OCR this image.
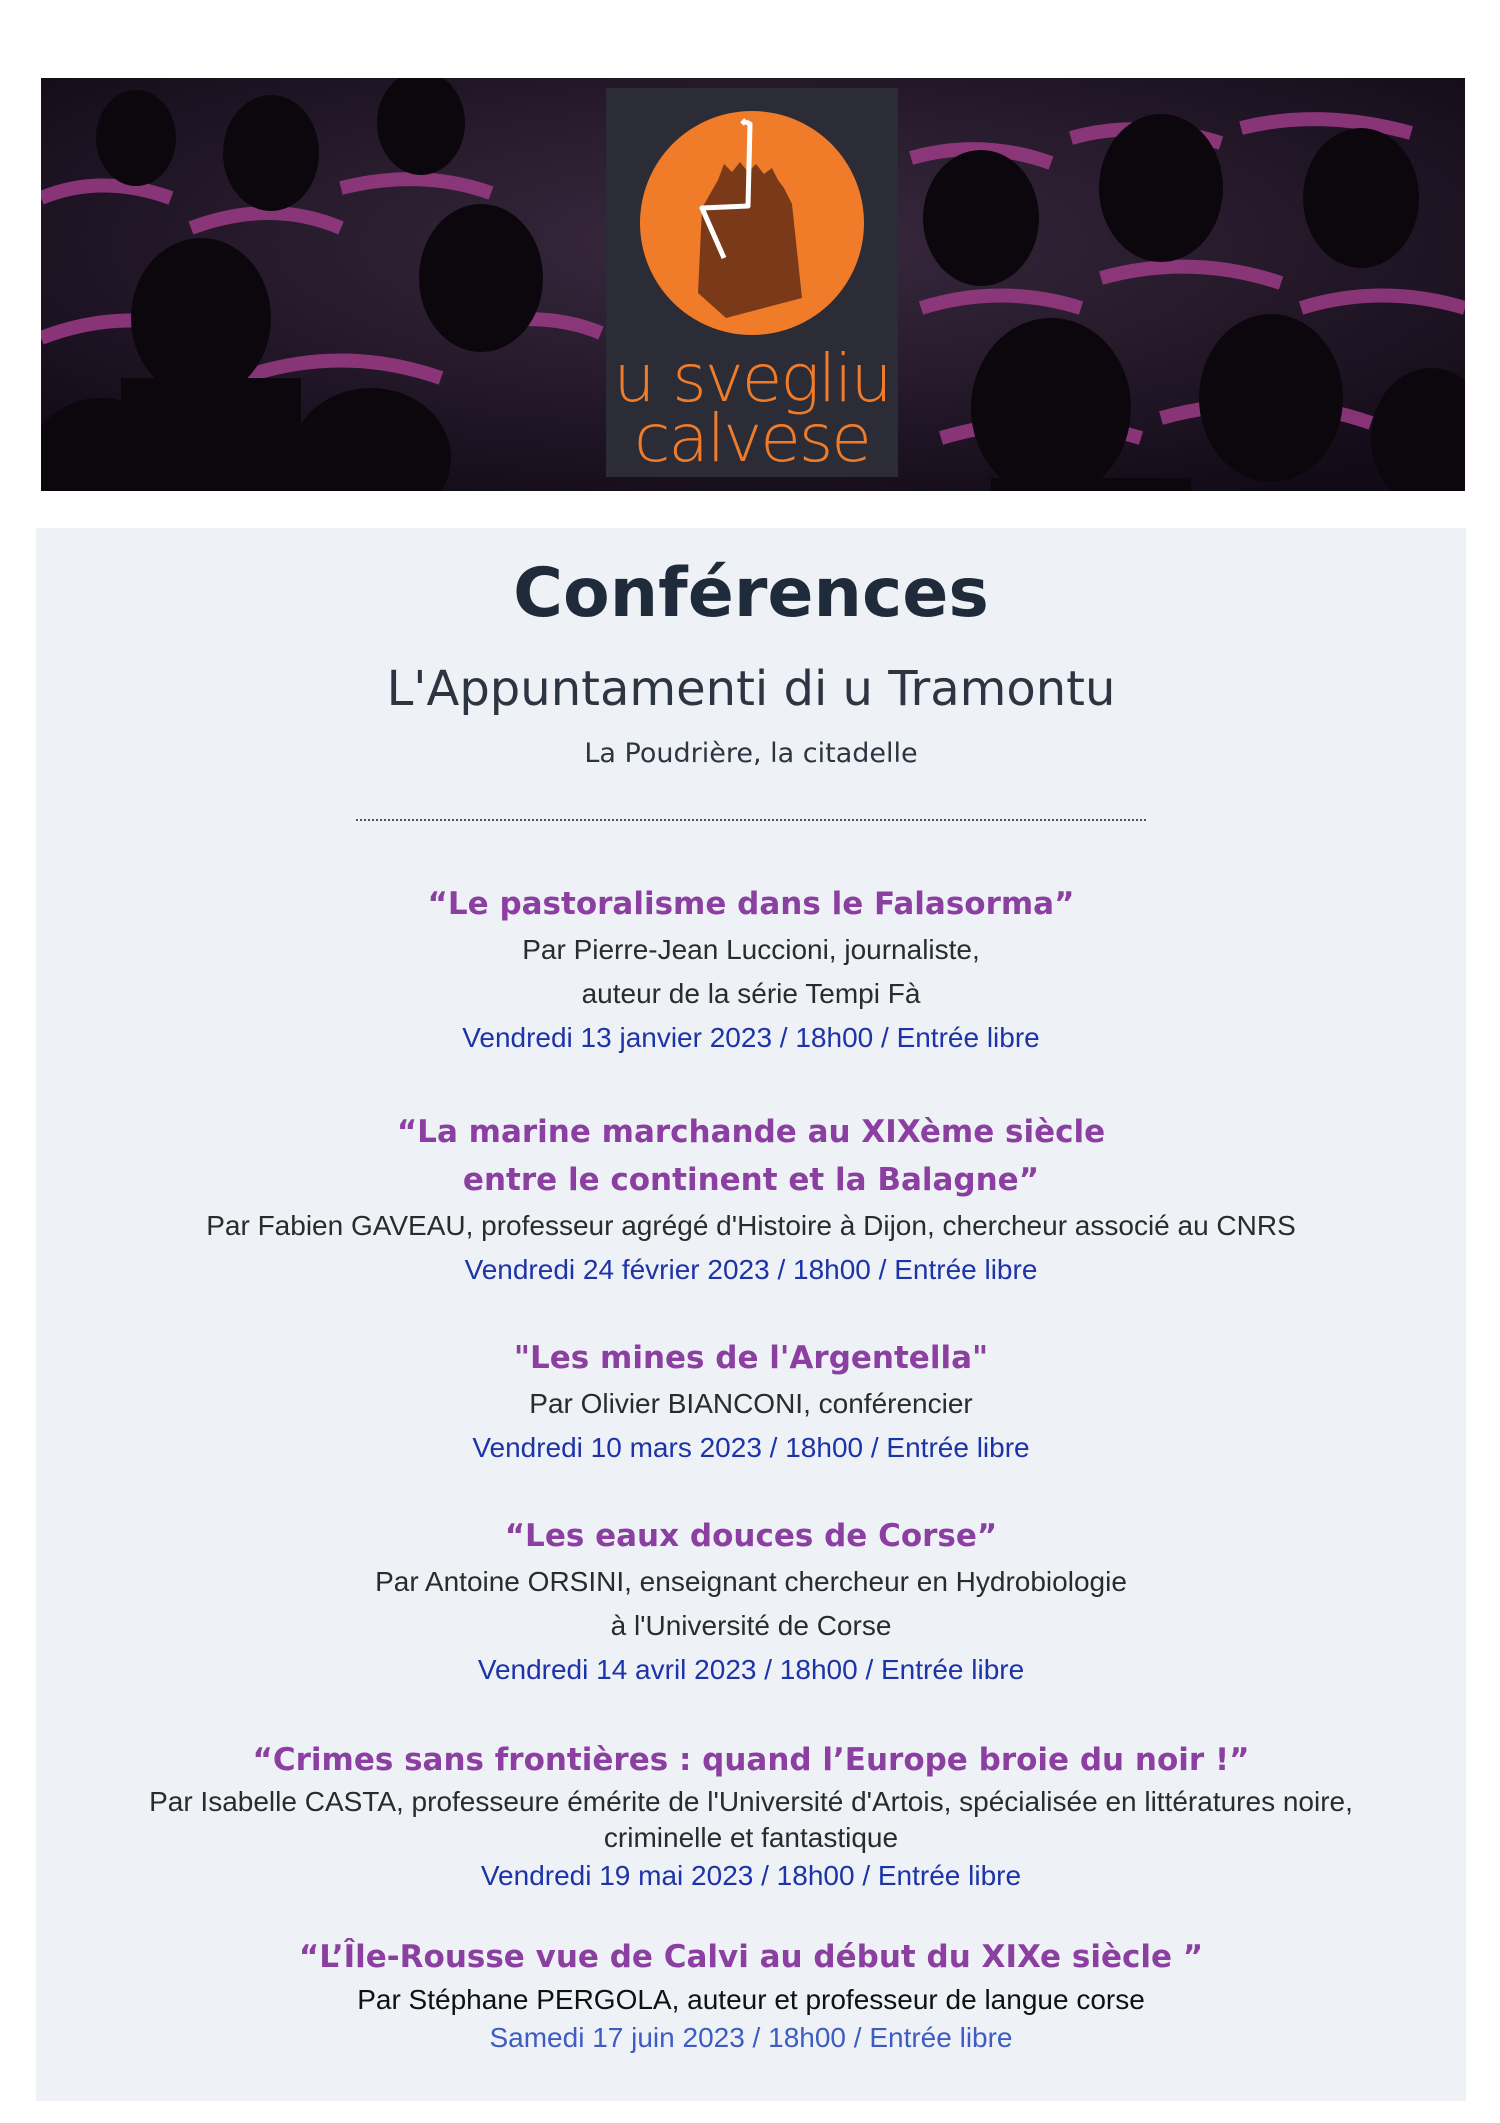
u svegliu
calvese
Conférences
L'Appuntamenti di u Tramontu
La Poudrière, la citadelle

“Le pastoralisme dans le Falasorma”

Par Pierre-Jean Luccioni, journaliste,

auteur de la série Tempi Fà

Vendredi 13 janvier 2023 / 18h00 / Entrée libre

“La marine marchande au XIXème siècle

entre le continent et la Balagne”

Par Fabien GAVEAU, professeur agrégé d'Histoire à Dijon, chercheur associé au CNRS

Vendredi 24 février 2023 / 18h00 / Entrée libre

"Les mines de l'Argentella"

Par Olivier BIANCONI, conférencier

Vendredi 10 mars 2023 / 18h00 / Entrée libre

“Les eaux douces de Corse”

Par Antoine ORSINI, enseignant chercheur en Hydrobiologie

à l'Université de Corse

Vendredi 14 avril 2023 / 18h00 / Entrée libre

“Crimes sans frontières : quand l’Europe broie du noir !”

Par Isabelle CASTA, professeure émérite de l'Université d'Artois, spécialisée en littératures noire,

criminelle et fantastique

Vendredi 19 mai 2023 / 18h00 / Entrée libre

“L’Île-Rousse vue de Calvi au début du XIXe siècle ”

Par Stéphane PERGOLA, auteur et professeur de langue corse

Samedi 17 juin 2023 / 18h00 / Entrée libre
